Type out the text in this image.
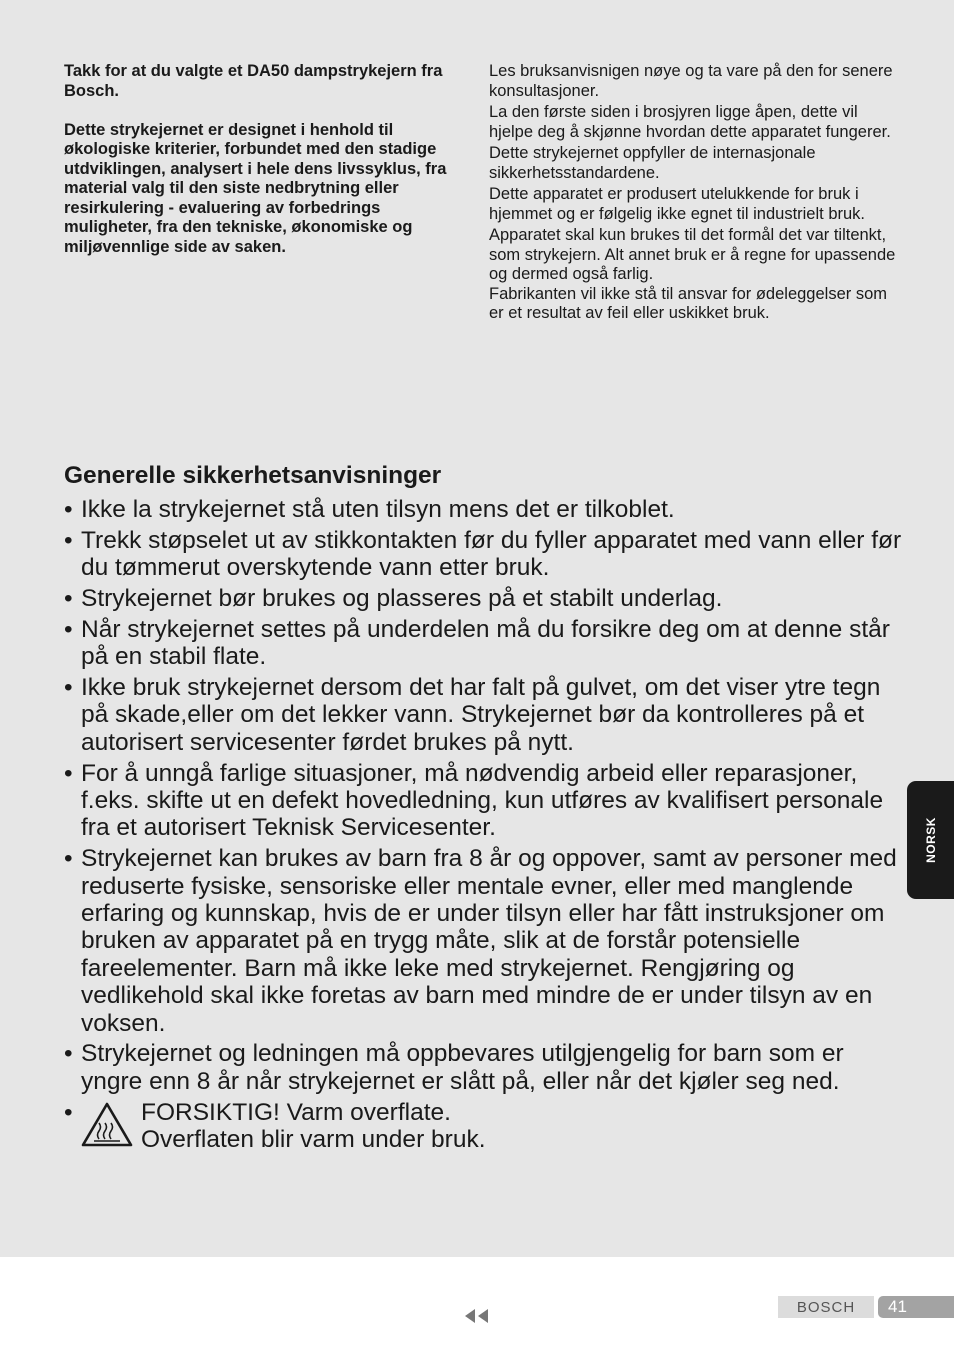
Takk for at du valgte et DA50 dampstrykejern fra Bosch.

Dette strykejernet er designet i henhold til økologiske kriterier, forbundet med den stadige utdviklingen, analysert i hele dens livssyklus, fra material valg til den siste nedbrytning eller resirkulering - evaluering av forbedrings muligheter, fra den tekniske, økonomiske og miljøvennlige side av saken.

Les bruksanvisnigen nøye og ta vare på den for senere konsultasjoner.

La den første siden i brosjyren ligge åpen, dette vil hjelpe deg å skjønne hvordan dette apparatet fungerer.

Dette strykejernet oppfyller de internasjonale sikkerhetsstandardene.

Dette apparatet er produsert utelukkende for bruk i hjemmet og er følgelig ikke egnet til industrielt bruk.

Apparatet skal kun brukes til det formål det var tiltenkt, som strykejern. Alt annet bruk er å regne for upassende og dermed også farlig.
Fabrikanten vil ikke stå til ansvar for ødeleggelser som er et resultat av feil eller uskikket bruk.

Generelle sikkerhetsanvisninger
• Ikke la strykejernet stå uten tilsyn mens det er tilkoblet.
• Trekk støpselet ut av stikkontakten før du fyller apparatet med vann eller før du tømmerut overskytende vann etter bruk.
• Strykejernet bør brukes og plasseres på et stabilt underlag.
• Når strykejernet settes på underdelen må du forsikre deg om at denne står på en stabil flate.
• Ikke bruk strykejernet dersom det har falt på gulvet, om det viser ytre tegn på skade,eller om det lekker vann. Strykejernet bør da kontrolleres på et autorisert servicesenter førdet brukes på nytt.
• For å unngå farlige situasjoner, må nødvendig arbeid eller reparasjoner, f.eks. skifte ut en defekt hovedledning, kun utføres av kvalifisert personale fra et autorisert Teknisk Servicesenter.
• Strykejernet kan brukes av barn fra 8 år og oppover, samt av personer med reduserte fysiske, sensoriske eller mentale evner, eller med manglende erfaring og kunnskap, hvis de er under tilsyn eller har fått instruksjoner om bruken av apparatet på en trygg måte, slik at de forstår potensielle fareelementer. Barn må ikke leke med strykejernet. Rengjøring og vedlikehold skal ikke foretas av barn med mindre de er under tilsyn av en voksen.
• Strykejernet og ledningen må oppbevares utilgjengelig for barn som er yngre enn 8 år når strykejernet er slått på, eller når det kjøler seg ned.
•	FORSIKTIG! Varm overflate.
Overflaten blir varm under bruk.
NORSK
BOSCH	41
